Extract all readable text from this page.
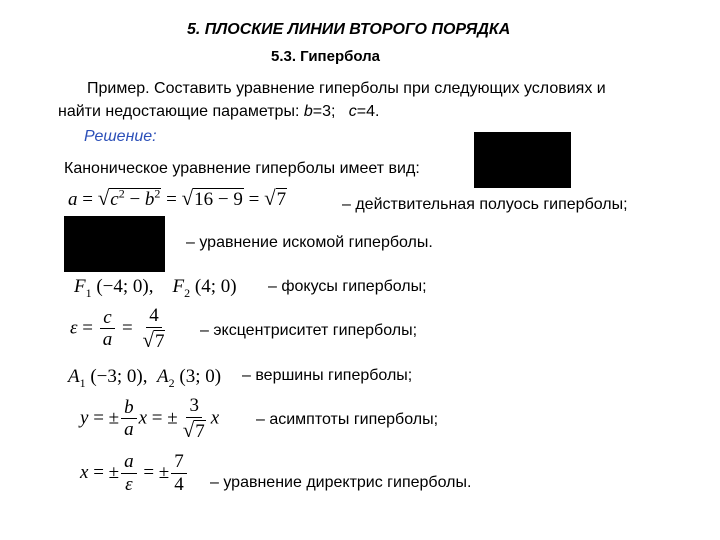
5. ПЛОСКИЕ ЛИНИИ ВТОРОГО ПОРЯДКА
5.3. Гипербола
Пример. Составить уравнение гиперболы при следующих условиях и
найти недостающие параметры: b=3; c=4.
Решение:
Каноническое уравнение гиперболы имеет вид:
$a = √c^2 - b^2 = √16 - 9 = √7$	– действительная полуось гиперболы;
– уравнение искомой гиперболы.
$F_1$ (−4; 0), $F_2$ (4; 0) – фокусы гиперболы;
$\varepsilon = \frac{c}{a} = \frac{4}{√7}$ – эксцентриситет гиперболы;
$A_1$ (−3; 0), $A_2$ (3; 0) – вершины гиперболы;
y = ± $\frac{b}{a}$ x = ± $\frac{3}{√7}$ x – асимптоты гиперболы;
x = ± $\frac{a}{\varepsilon}$ = ± $\frac{7}{4}$ – уравнение директрис гиперболы.
